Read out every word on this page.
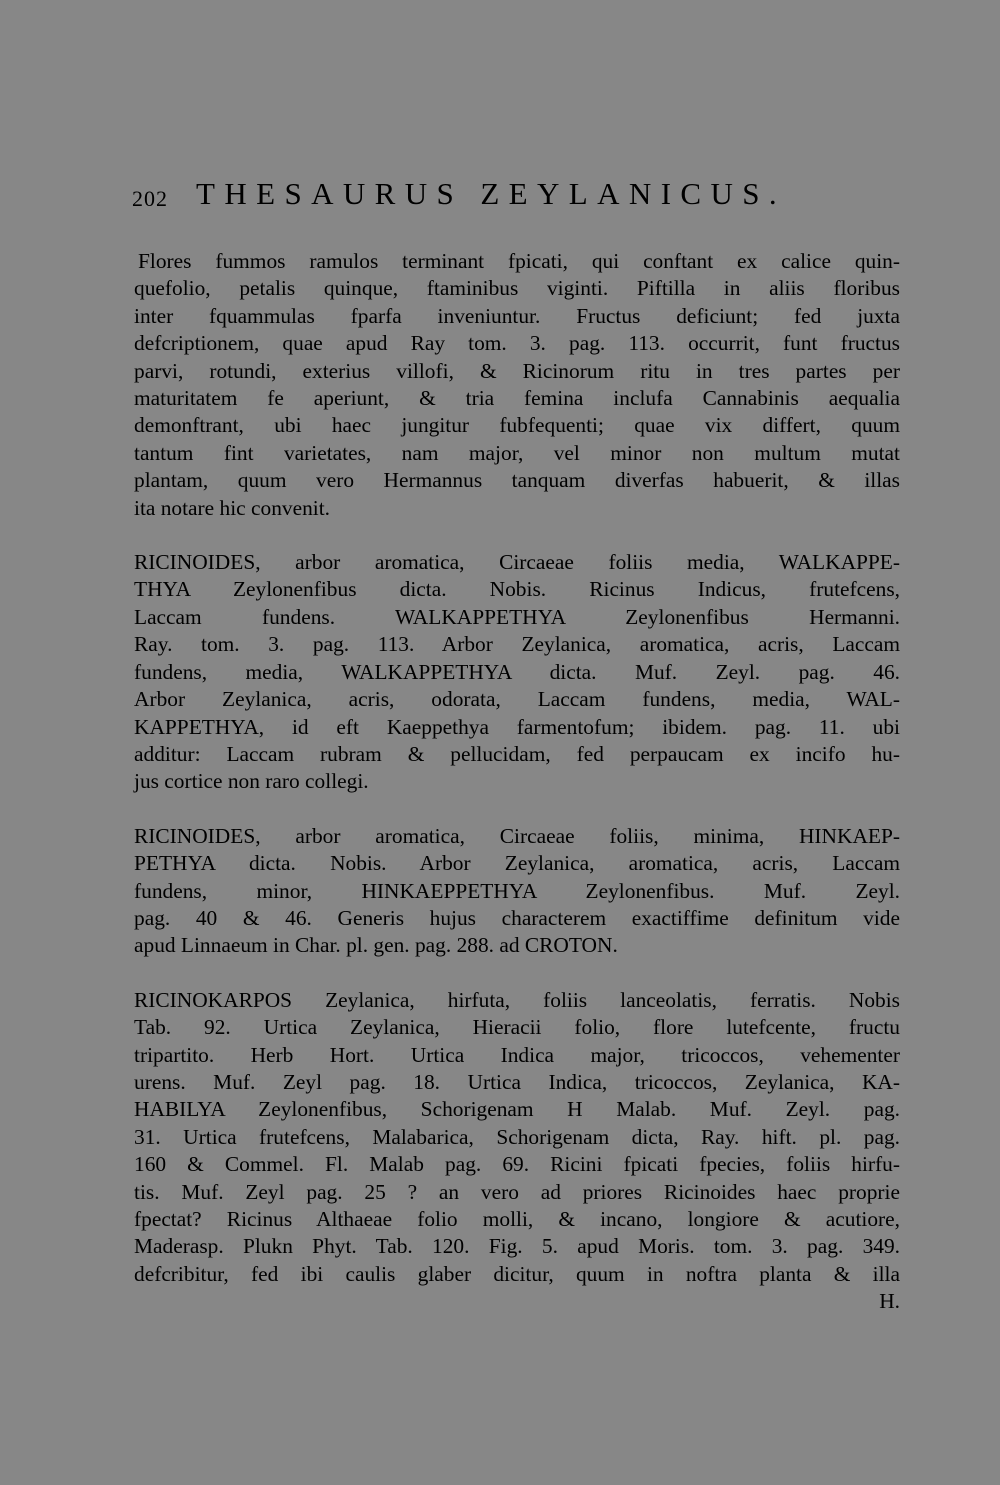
202 THESAURUS ZEYLANICUS.
Flores fummos ramulos terminant fpicati, qui conftant ex calice quin-
quefolio, petalis quinque, ftaminibus viginti. Piftilla in aliis floribus
inter fquammulas fparfa inveniuntur. Fructus deficiunt; fed juxta
defcriptionem, quae apud Ray tom. 3. pag. 113. occurrit, funt fructus
parvi, rotundi, exterius villofi, & Ricinorum ritu in tres partes per
maturitatem fe aperiunt, & tria femina inclufa Cannabinis aequalia
demonftrant, ubi haec jungitur fubfequenti; quae vix differt, quum
tantum fint varietates, nam major, vel minor non multum mutat
plantam, quum vero Hermannus tanquam diverfas habuerit, & illas
ita notare hic convenit.
RICINOIDES, arbor aromatica, Circaeae foliis media, WALKAPPE-
THYA Zeylonenfibus dicta. Nobis. Ricinus Indicus, frutefcens,
Laccam fundens. WALKAPPETHYA Zeylonenfibus Hermanni.
Ray. tom. 3. pag. 113. Arbor Zeylanica, aromatica, acris, Laccam
fundens, media, WALKAPPETHYA dicta. Muf. Zeyl. pag. 46.
Arbor Zeylanica, acris, odorata, Laccam fundens, media, WAL-
KAPPETHYA, id eft Kaeppethya farmentofum; ibidem. pag. 11. ubi
additur: Laccam rubram & pellucidam, fed perpaucam ex incifo hu-
jus cortice non raro collegi.
RICINOIDES, arbor aromatica, Circaeae foliis, minima, HINKAEP-
PETHYA dicta. Nobis. Arbor Zeylanica, aromatica, acris, Laccam
fundens, minor, HINKAEPPETHYA Zeylonenfibus. Muf. Zeyl.
pag. 40 & 46. Generis hujus characterem exactiffime definitum vide
apud Linnaeum in Char. pl. gen. pag. 288. ad CROTON.
RICINOKARPOS Zeylanica, hirfuta, foliis lanceolatis, ferratis. Nobis
Tab. 92. Urtica Zeylanica, Hieracii folio, flore lutefcente, fructu
tripartito. Herb Hort. Urtica Indica major, tricoccos, vehementer
urens. Muf. Zeyl pag. 18. Urtica Indica, tricoccos, Zeylanica, KA-
HABILYA Zeylonenfibus, Schorigenam H Malab. Muf. Zeyl. pag.
31. Urtica frutefcens, Malabarica, Schorigenam dicta, Ray. hift. pl. pag.
160 & Commel. Fl. Malab pag. 69. Ricini fpicati fpecies, foliis hirfu-
tis. Muf. Zeyl pag. 25 ? an vero ad priores Ricinoides haec proprie
fpectat? Ricinus Althaeae folio molli, & incano, longiore & acutiore,
Maderasp. Plukn Phyt. Tab. 120. Fig. 5. apud Moris. tom. 3. pag. 349.
defcribitur, fed ibi caulis glaber dicitur, quum in noftra planta & illa
H.
